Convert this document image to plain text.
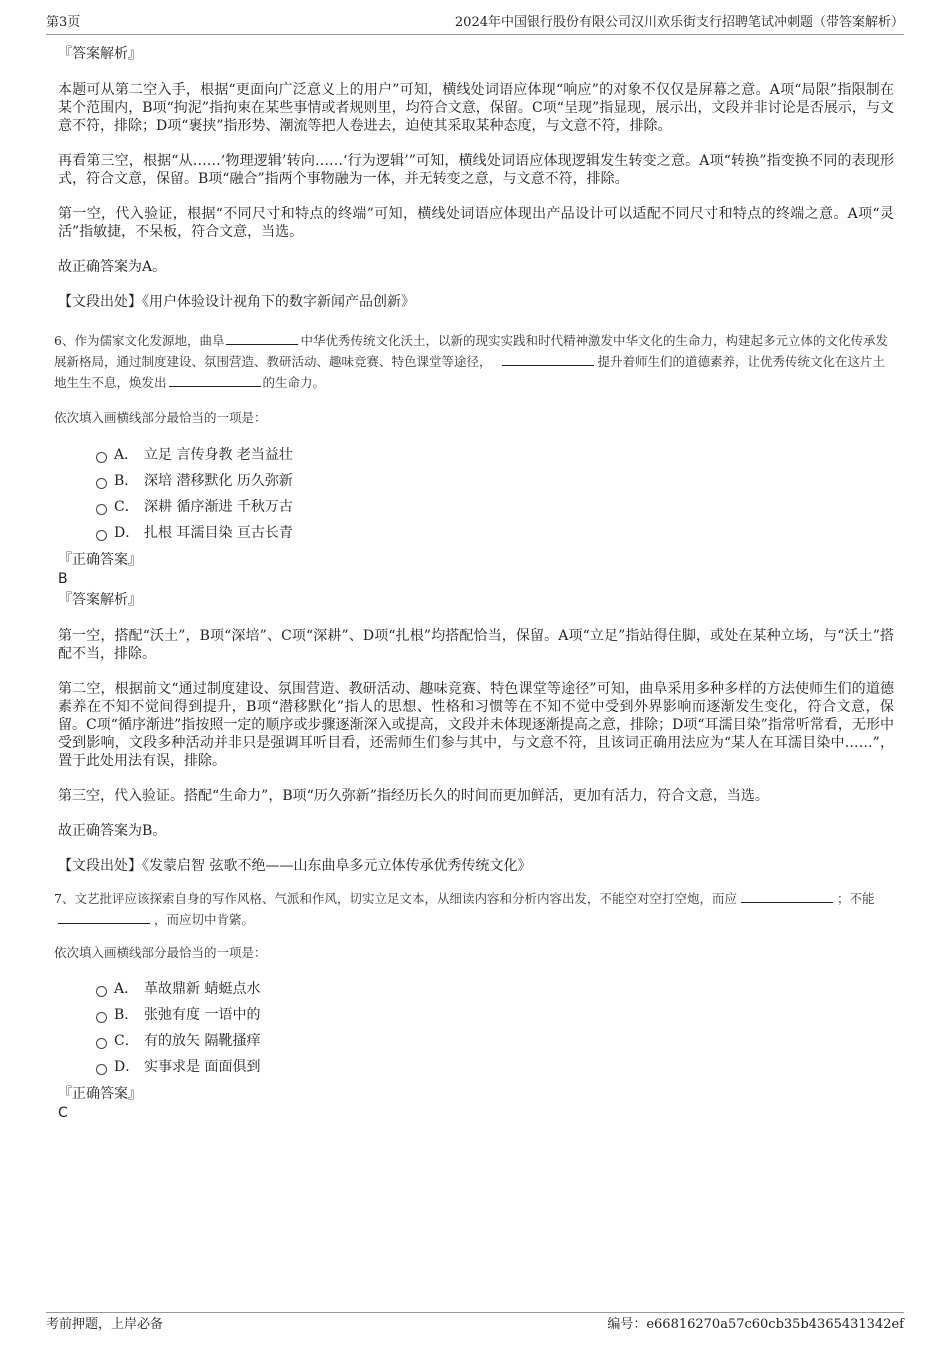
第3页	2024年中国银行股份有限公司汉川欢乐街支行招聘笔试冲刺题（带答案解析）

『答案解析』

本题可从第二空入手，根据“更面向广泛意义上的用户”可知，横线处词语应体现“响应”的对象不仅仅是屏幕之意。A项“局限”指限制在某个范围内，B项“拘泥”指拘束在某些事情或者规则里，均符合文意，保留。C项“呈现”指显现，展示出，文段并非讨论是否展示，与文意不符，排除；D项“裹挟”指形势、潮流等把人卷进去，迫使其采取某种态度，与文意不符，排除。

再看第三空，根据“从……‘物理逻辑’转向……‘行为逻辑’”可知，横线处词语应体现逻辑发生转变之意。A项“转换”指变换不同的表现形式，符合文意，保留。B项“融合”指两个事物融为一体，并无转变之意，与文意不符，排除。

第一空，代入验证，根据“不同尺寸和特点的终端”可知，横线处词语应体现出产品设计可以适配不同尺寸和特点的终端之意。A项“灵活”指敏捷，不呆板，符合文意，当选。

故正确答案为A。

【文段出处】《用户体验设计视角下的数字新闻产品创新》

6、作为儒家文化发源地，曲阜	中华优秀传统文化沃土，以新的现实实践和时代精神激发中华文化的生命力，构建起多元立体的文化传承发展新格局，通过制度建设、氛围营造、教研活动、趣味竞赛、特色课堂等途径，	提升着师生们的道德素养，让优秀传统文化在这片土地生生不息，焕发出	的生命力。

依次填入画横线部分最恰当的一项是：

A． 立足 言传身教 老当益壮
B． 深培 潜移默化 历久弥新
C． 深耕 循序渐进 千秋万古
D． 扎根 耳濡目染 亘古长青

『正确答案』

B

『答案解析』

第一空，搭配“沃土”，B项“深培”、C项“深耕”、D项“扎根”均搭配恰当，保留。A项“立足”指站得住脚，或处在某种立场，与“沃土”搭配不当，排除。

第二空，根据前文“通过制度建设、氛围营造、教研活动、趣味竞赛、特色课堂等途径”可知，曲阜采用多种多样的方法使师生们的道德素养在不知不觉间得到提升，B项“潜移默化”指人的思想、性格和习惯等在不知不觉中受到外界影响而逐渐发生变化，符合文意，保留。C项“循序渐进”指按照一定的顺序或步骤逐渐深入或提高，文段并未体现逐渐提高之意，排除；D项“耳濡目染”指常听常看，无形中受到影响，文段多种活动并非只是强调耳听目看，还需师生们参与其中，与文意不符，且该词正确用法应为“某人在耳濡目染中……”，置于此处用法有误，排除。

第三空，代入验证。搭配“生命力”，B项“历久弥新”指经历长久的时间而更加鲜活，更加有活力，符合文意，当选。

故正确答案为B。

【文段出处】《发蒙启智 弦歌不绝——山东曲阜多元立体传承优秀传统文化》

7、文艺批评应该探索自身的写作风格、气派和作风，切实立足文本，从细读内容和分析内容出发，不能空对空打空炮，而应	；不能，而应切中肯綮。

依次填入画横线部分最恰当的一项是：

A． 革故鼎新 蜻蜓点水
B． 张弛有度 一语中的
C． 有的放矢 隔靴搔痒
D． 实事求是 面面俱到

『正确答案』

C

考前押题，上岸必备	编号：e66816270a57c60cb35b4365431342ef
